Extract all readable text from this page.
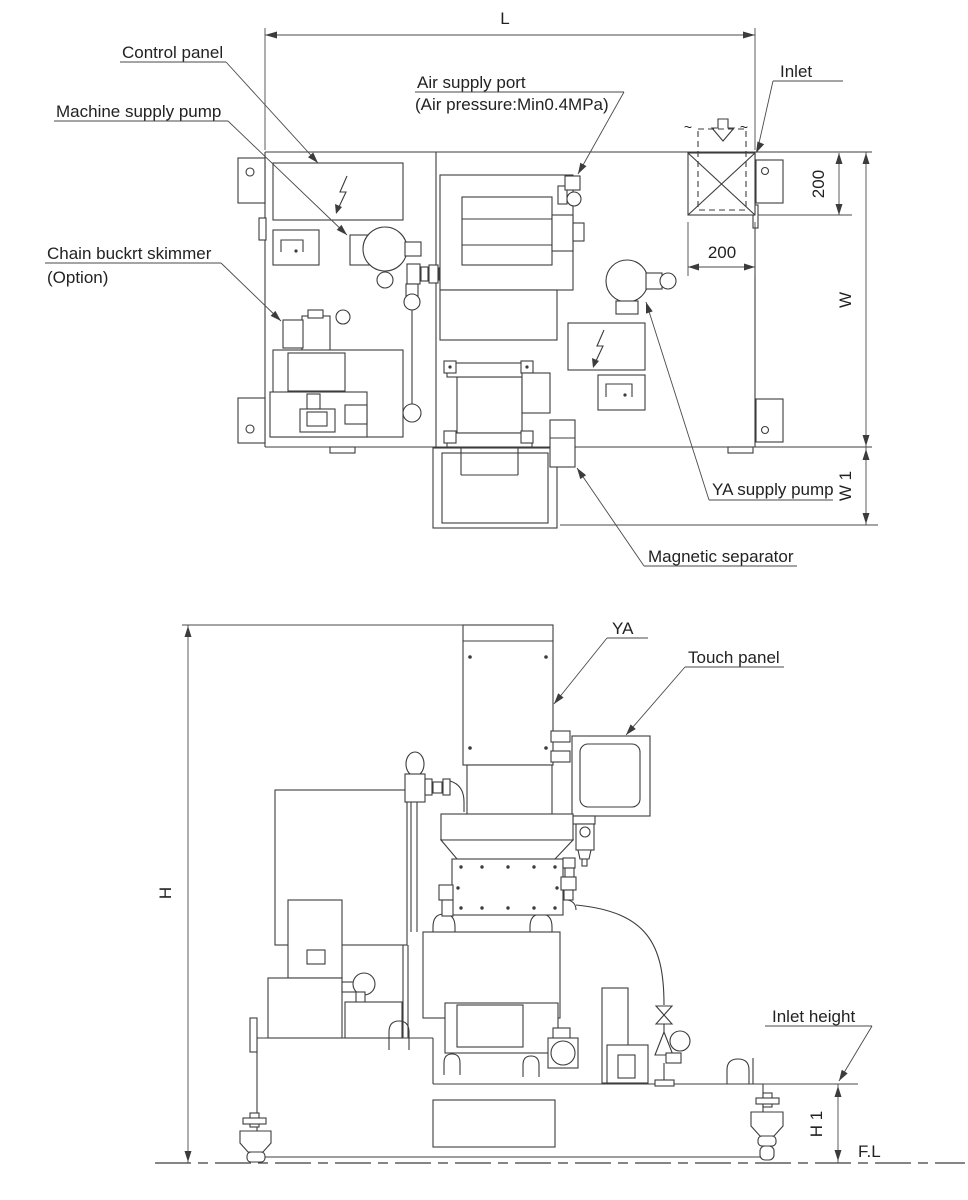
L
~	~
200
200
W
W 1
Control panel
Machine supply pump
Chain buckrt skimmer
(Option)
Air supply port
(Air pressure:Min0.4MPa)
Inlet
YA supply pump
Magnetic separator
H
F.L
H 1
Inlet height
YA
Touch panel
